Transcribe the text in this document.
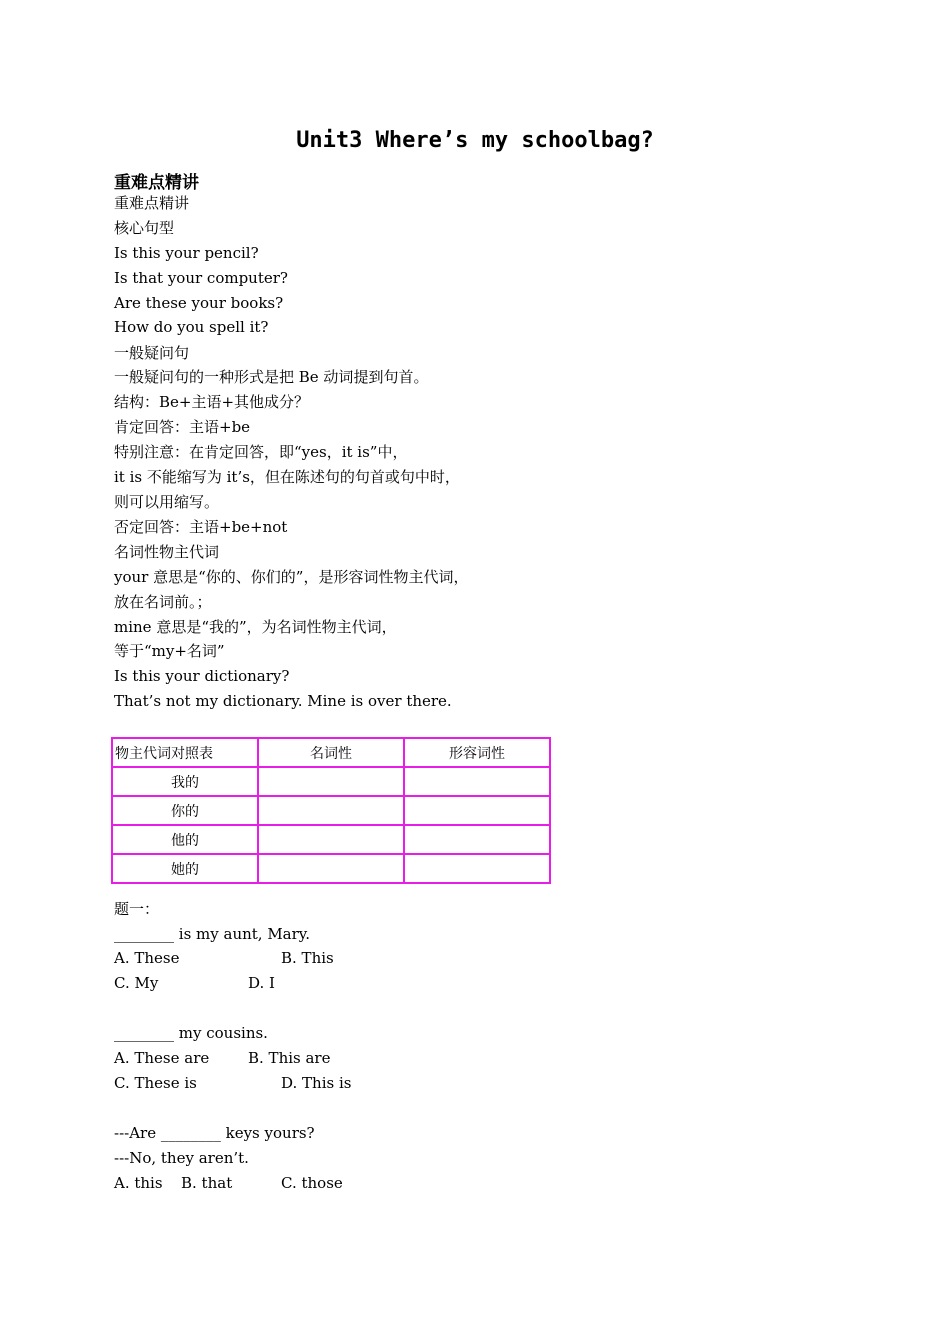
Unit3 Where’s my schoolbag?
重难点精讲
重难点精讲
核心句型
Is this your pencil?
Is that your computer?
Are these your books?
How do you spell it?
一般疑问句
一般疑问句的一种形式是把 Be 动词提到句首。
结构：Be+主语+其他成分？
肯定回答：主语+be
特别注意：在肯定回答，即“yes，it is”中，
it is 不能缩写为 it’s，但在陈述句的句首或句中时，
则可以用缩写。
否定回答：主语+be+not
名词性物主代词
your 意思是“你的、你们的”，是形容词性物主代词，
放在名词前。；
mine 意思是“我的”，为名词性物主代词，
等于“my+名词”
Is this your dictionary?
That’s not my dictionary. Mine is over there.
物主代词对照表	名词性	形容词性
我的		
你的		
他的		
她的		
题一：
________ is my aunt, Mary.
A. These	B. This
C. My	D. I
________ my cousins.
A. These are	B. This are
C. These is	D. This is
---Are ________ keys yours?
---No, they aren’t.
A. this B. that	C. those
